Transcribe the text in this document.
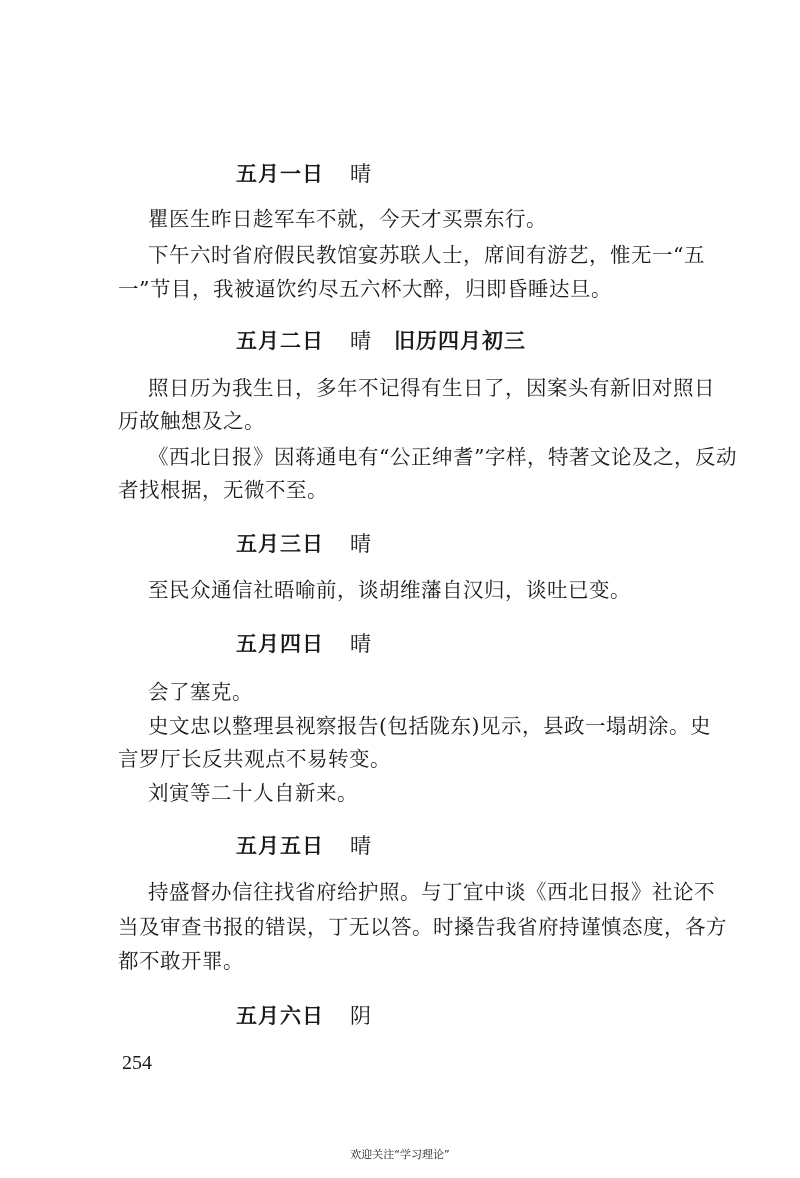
五月一日 晴
瞿医生昨日趁军车不就，今天才买票东行。
下午六时省府假民教馆宴苏联人士，席间有游艺，惟无一“五
一”节目，我被逼饮约尽五六杯大醉，归即昏睡达旦。
五月二日 晴 旧历四月初三
照日历为我生日，多年不记得有生日了，因案头有新旧对照日
历故触想及之。
《西北日报》因蒋通电有“公正绅耆”字样，特著文论及之，反动
者找根据，无微不至。
五月三日 晴
至民众通信社晤喻前，谈胡维藩自汉归，谈吐已变。
五月四日 晴
会了塞克。
史文忠以整理县视察报告(包括陇东)见示，县政一塌胡涂。史
言罗厅长反共观点不易转变。
刘寅等二十人自新来。
五月五日 晴
持盛督办信往找省府给护照。与丁宜中谈《西北日报》社论不
当及审查书报的错误，丁无以答。时搡告我省府持谨慎态度，各方
都不敢开罪。
五月六日 阴
254
欢迎关注“学习理论”
